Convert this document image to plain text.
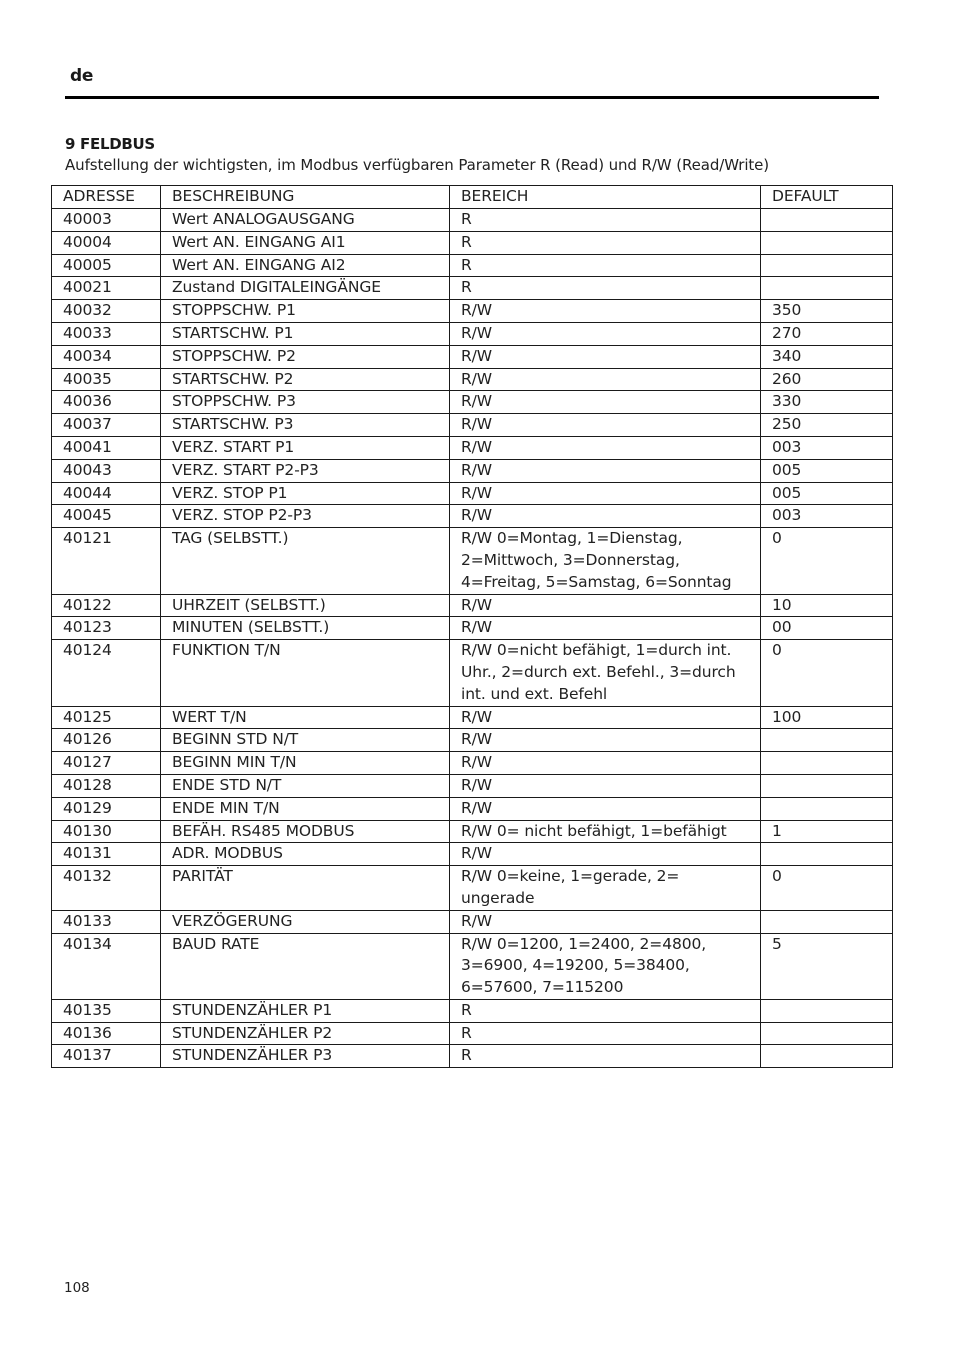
de
9 FELDBUS
Aufstellung der wichtigsten, im Modbus verfügbaren Parameter R (Read) und R/W (Read/Write)
ADRESSE	BESCHREIBUNG	BEREICH	DEFAULT
40003	Wert ANALOGAUSGANG	R	
40004	Wert AN. EINGANG AI1	R	
40005	Wert AN. EINGANG AI2	R	
40021	Zustand DIGITALEINGÄNGE	R	
40032	STOPPSCHW. P1	R/W	350
40033	STARTSCHW. P1	R/W	270
40034	STOPPSCHW. P2	R/W	340
40035	STARTSCHW. P2	R/W	260
40036	STOPPSCHW. P3	R/W	330
40037	STARTSCHW. P3	R/W	250
40041	VERZ. START P1	R/W	003
40043	VERZ. START P2-P3	R/W	005
40044	VERZ. STOP P1	R/W	005
40045	VERZ. STOP P2-P3	R/W	003
40121	TAG (SELBSTT.)	R/W 0=Montag, 1=Dienstag, 2=Mittwoch, 3=Donnerstag, 4=Freitag, 5=Samstag, 6=Sonntag	0
40122	UHRZEIT (SELBSTT.)	R/W	10
40123	MINUTEN (SELBSTT.)	R/W	00
40124	FUNKTION T/N	R/W 0=nicht befähigt, 1=durch int. Uhr., 2=durch ext. Befehl., 3=durch int. und ext. Befehl	0
40125	WERT T/N	R/W	100
40126	BEGINN STD N/T	R/W	
40127	BEGINN MIN T/N	R/W	
40128	ENDE STD N/T	R/W	
40129	ENDE MIN T/N	R/W	
40130	BEFÄH. RS485 MODBUS	R/W 0= nicht befähigt, 1=befähigt	1
40131	ADR. MODBUS	R/W	
40132	PARITÄT	R/W 0=keine, 1=gerade, 2= ungerade	0
40133	VERZÖGERUNG	R/W	
40134	BAUD RATE	R/W 0=1200, 1=2400, 2=4800, 3=6900, 4=19200, 5=38400, 6=57600, 7=115200	5
40135	STUNDENZÄHLER P1	R	
40136	STUNDENZÄHLER P2	R	
40137	STUNDENZÄHLER P3	R	
108
